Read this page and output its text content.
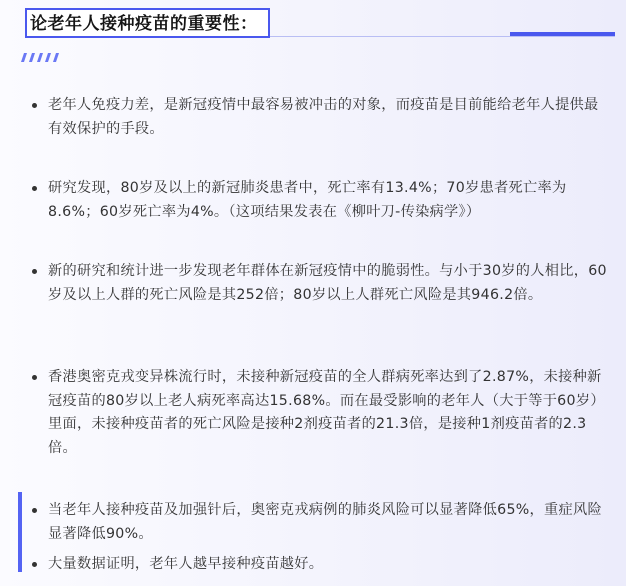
论老年人接种疫苗的重要性：
老年人免疫力差，是新冠疫情中最容易被冲击的对象，而疫苗是目前能给老年人提供最有效保护的手段。
研究发现，80岁及以上的新冠肺炎患者中，死亡率有13.4%；70岁患者死亡率为8.6%；60岁死亡率为4%。（这项结果发表在《柳叶刀-传染病学》）
新的研究和统计进一步发现老年群体在新冠疫情中的脆弱性。与小于30岁的人相比，60岁及以上人群的死亡风险是其252倍；80岁以上人群死亡风险是其946.2倍。
香港奥密克戎变异株流行时，未接种新冠疫苗的全人群病死率达到了2.87%，未接种新冠疫苗的80岁以上老人病死率高达15.68%。而在最受影响的老年人（大于等于60岁）里面，未接种疫苗者的死亡风险是接种2剂疫苗者的21.3倍，是接种1剂疫苗者的2.3倍。
当老年人接种疫苗及加强针后，奥密克戎病例的肺炎风险可以显著降低65%，重症风险显著降低90%。
大量数据证明，老年人越早接种疫苗越好。
